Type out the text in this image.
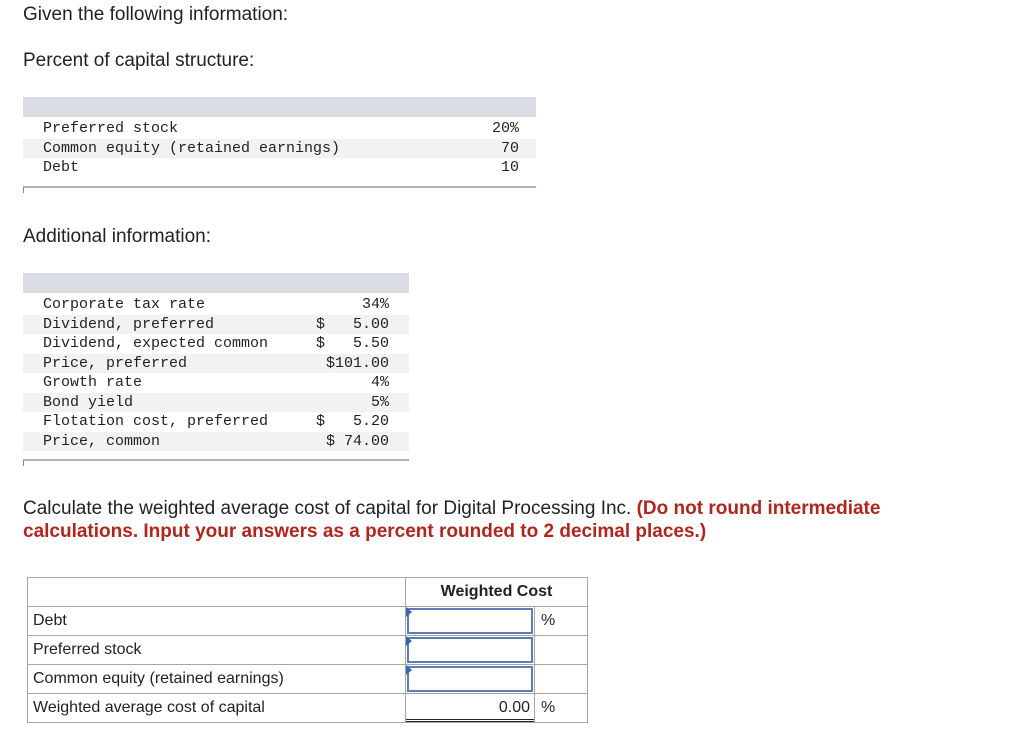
Given the following information:
Percent of capital structure:
Preferred stock	20%
Common equity (retained earnings)	70
Debt	10
Additional information:
Corporate tax rate	34%
Dividend, preferred	$ 5.00
Dividend, expected common	$ 5.50
Price, preferred	$101.00
Growth rate	4%
Bond yield	5%
Flotation cost, preferred	$ 5.20
Price, common	$ 74.00
Calculate the weighted average cost of capital for Digital Processing Inc. (Do not round intermediate calculations. Input your answers as a percent rounded to 2 decimal places.)
	Weighted Cost	
Debt		%
Preferred stock	

Common equity (retained earnings)	

Weighted average cost of capital	0.00	%
